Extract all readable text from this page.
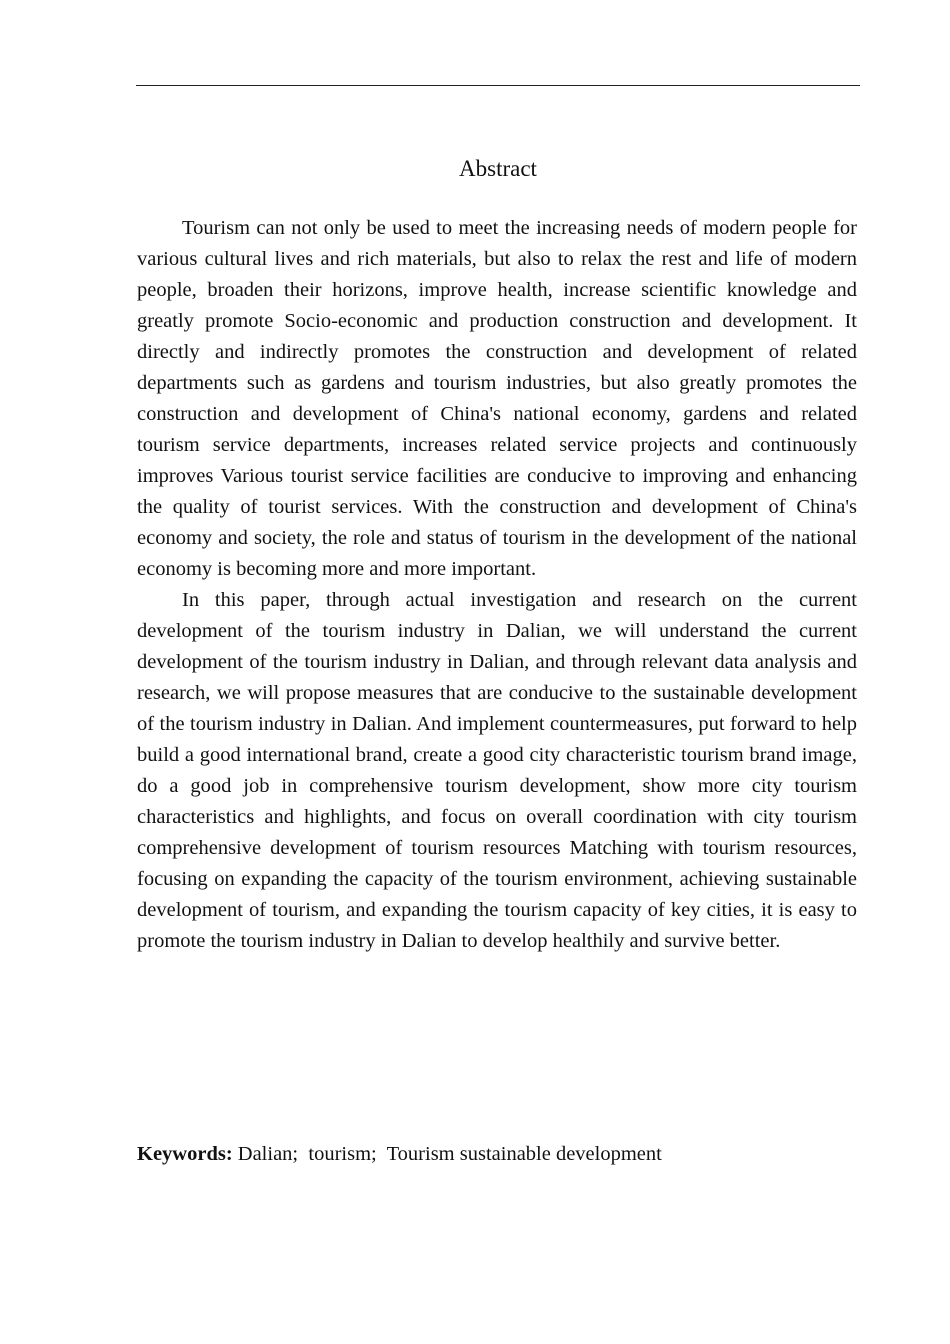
Abstract

Tourism can not only be used to meet the increasing needs of modern people for various cultural lives and rich materials, but also to relax the rest and life of modern people, broaden their horizons, improve health, increase scientific knowledge and greatly promote Socio-economic and production construction and development. It directly and indirectly promotes the construction and development of related departments such as gardens and tourism industries, but also greatly promotes the construction and development of China's national economy, gardens and related tourism service departments, increases related service projects and continuously improves Various tourist service facilities are conducive to improving and enhancing the quality of tourist services. With the construction and development of China's economy and society, the role and status of tourism in the development of the national economy is becoming more and more important.

In this paper, through actual investigation and research on the current development of the tourism industry in Dalian, we will understand the current development of the tourism industry in Dalian, and through relevant data analysis and research, we will propose measures that are conducive to the sustainable development of the tourism industry in Dalian. And implement countermeasures, put forward to help build a good international brand, create a good city characteristic tourism brand image, do a good job in comprehensive tourism development, show more city tourism characteristics and highlights, and focus on overall coordination with city tourism comprehensive development of tourism resources Matching with tourism resources, focusing on expanding the capacity of the tourism environment, achieving sustainable development of tourism, and expanding the tourism capacity of key cities, it is easy to promote the tourism industry in Dalian to develop healthily and survive better.

Keywords: Dalian;  tourism;  Tourism sustainable development
